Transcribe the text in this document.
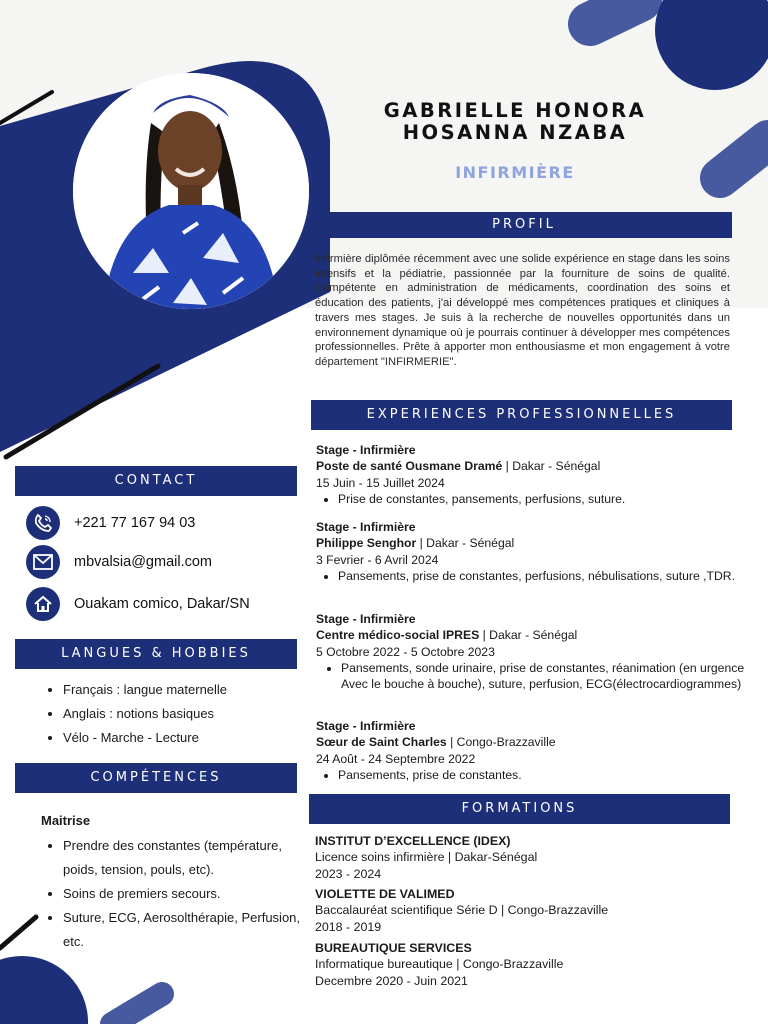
GABRIELLE HONORA
HOSANNA NZABA
INFIRMIÈRE
PROFIL
Infirmière diplômée récemment avec une solide expérience en stage dans les soins intensifs et la pédiatrie, passionnée par la fourniture de soins de qualité. Compétente en administration de médicaments, coordination des soins et éducation des patients, j'ai développé mes compétences pratiques et cliniques à travers mes stages. Je suis à la recherche de nouvelles opportunités dans un environnement dynamique où je pourrais continuer à développer mes compétences professionnelles. Prête à apporter mon enthousiasme et mon engagement à votre département "INFIRMERIE".
EXPERIENCES PROFESSIONNELLES
Stage - Infirmière
Poste de santé Ousmane Dramé | Dakar - Sénégal
15 Juin - 15 Juillet 2024
• Prise de constantes, pansements, perfusions, suture.
Stage - Infirmière
Philippe Senghor | Dakar - Sénégal
3 Fevrier - 6 Avril 2024
• Pansements, prise de constantes, perfusions, nébulisations, suture ,TDR.
Stage - Infirmière
Centre médico-social IPRES | Dakar - Sénégal
5 Octobre 2022 - 5 Octobre 2023
• Pansements, sonde urinaire, prise de constantes, réanimation (en urgence Avec le bouche à bouche), suture, perfusion, ECG(électrocardiogrammes)
Stage - Infirmière
Sœur de Saint Charles | Congo-Brazzaville
24 Août - 24 Septembre 2022
• Pansements, prise de constantes.
FORMATIONS
INSTITUT D’EXCELLENCE (IDEX)
Licence soins infirmière | Dakar-Sénégal
2023 - 2024
VIOLETTE DE VALIMED
Baccalauréat scientifique Série D | Congo-Brazzaville
2018 - 2019
BUREAUTIQUE SERVICES
Informatique bureautique | Congo-Brazzaville
Decembre 2020 - Juin 2021
CONTACT
+221 77 167 94 03
mbvalsia@gmail.com
Ouakam comico, Dakar/SN
LANGUES & HOBBIES
• Français : langue maternelle
• Anglais : notions basiques
• Vélo - Marche - Lecture
COMPÉTENCES
Maitrise
• Prendre des constantes (température, poids, tension, pouls, etc).
• Soins de premiers secours.
• Suture, ECG, Aerosolthérapie, Perfusion, etc.
